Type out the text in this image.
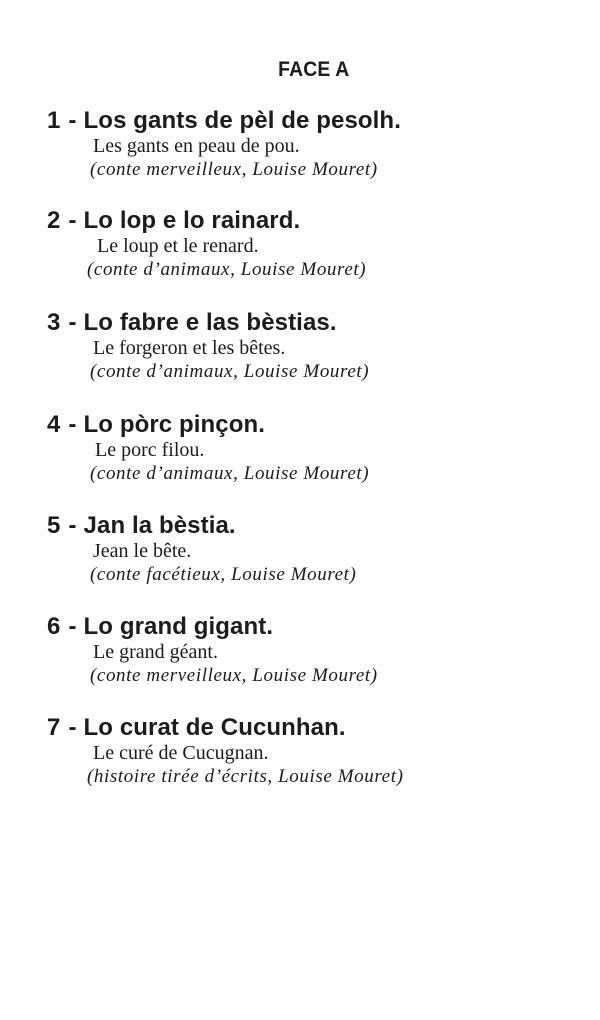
FACE A
1 - Los gants de pèl de pesolh.
Les gants en peau de pou.
(conte merveilleux, Louise Mouret)
2 - Lo lop e lo rainard.
Le loup et le renard.
(conte d’animaux, Louise Mouret)
3 - Lo fabre e las bèstias.
Le forgeron et les bêtes.
(conte d’animaux, Louise Mouret)
4 - Lo pòrc pinçon.
Le porc filou.
(conte d’animaux, Louise Mouret)
5 - Jan la bèstia.
Jean le bête.
(conte facétieux, Louise Mouret)
6 - Lo grand gigant.
Le grand géant.
(conte merveilleux, Louise Mouret)
7 - Lo curat de Cucunhan.
Le curé de Cucugnan.
(histoire tirée d’écrits, Louise Mouret)
